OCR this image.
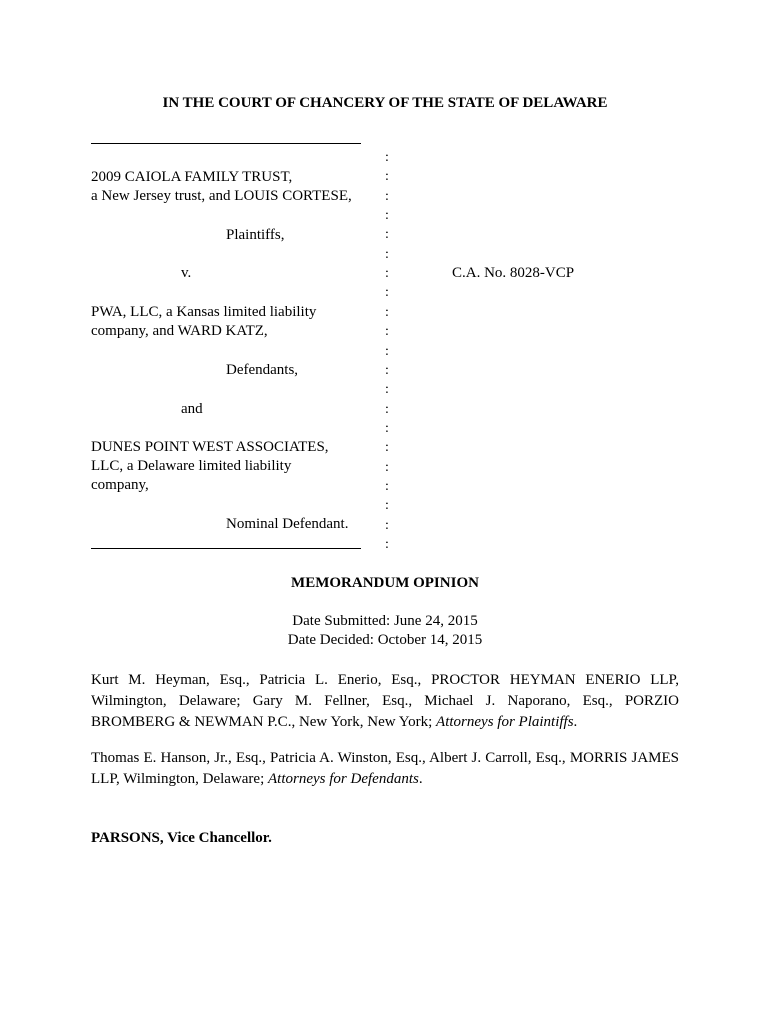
IN THE COURT OF CHANCERY OF THE STATE OF DELAWARE
2009 CAIOLA FAMILY TRUST,
a New Jersey trust, and LOUIS CORTESE,
Plaintiffs,
v.	C.A. No. 8028-VCP
PWA, LLC, a Kansas limited liability
company, and WARD KATZ,
Defendants,
and
DUNES POINT WEST ASSOCIATES,
LLC, a Delaware limited liability
company,
Nominal Defendant.
:
:
:
:
:
:
:
:
:
:
:
:
:
:
:
:
:
:
:
:
:
MEMORANDUM OPINION
Date Submitted: June 24, 2015
Date Decided: October 14, 2015
Kurt M. Heyman, Esq., Patricia L. Enerio, Esq., PROCTOR HEYMAN ENERIO LLP, Wilmington, Delaware; Gary M. Fellner, Esq., Michael J. Naporano, Esq., PORZIO BROMBERG & NEWMAN P.C., New York, New York; Attorneys for Plaintiffs.
Thomas E. Hanson, Jr., Esq., Patricia A. Winston, Esq., Albert J. Carroll, Esq., MORRIS JAMES LLP, Wilmington, Delaware; Attorneys for Defendants.
PARSONS, Vice Chancellor.
